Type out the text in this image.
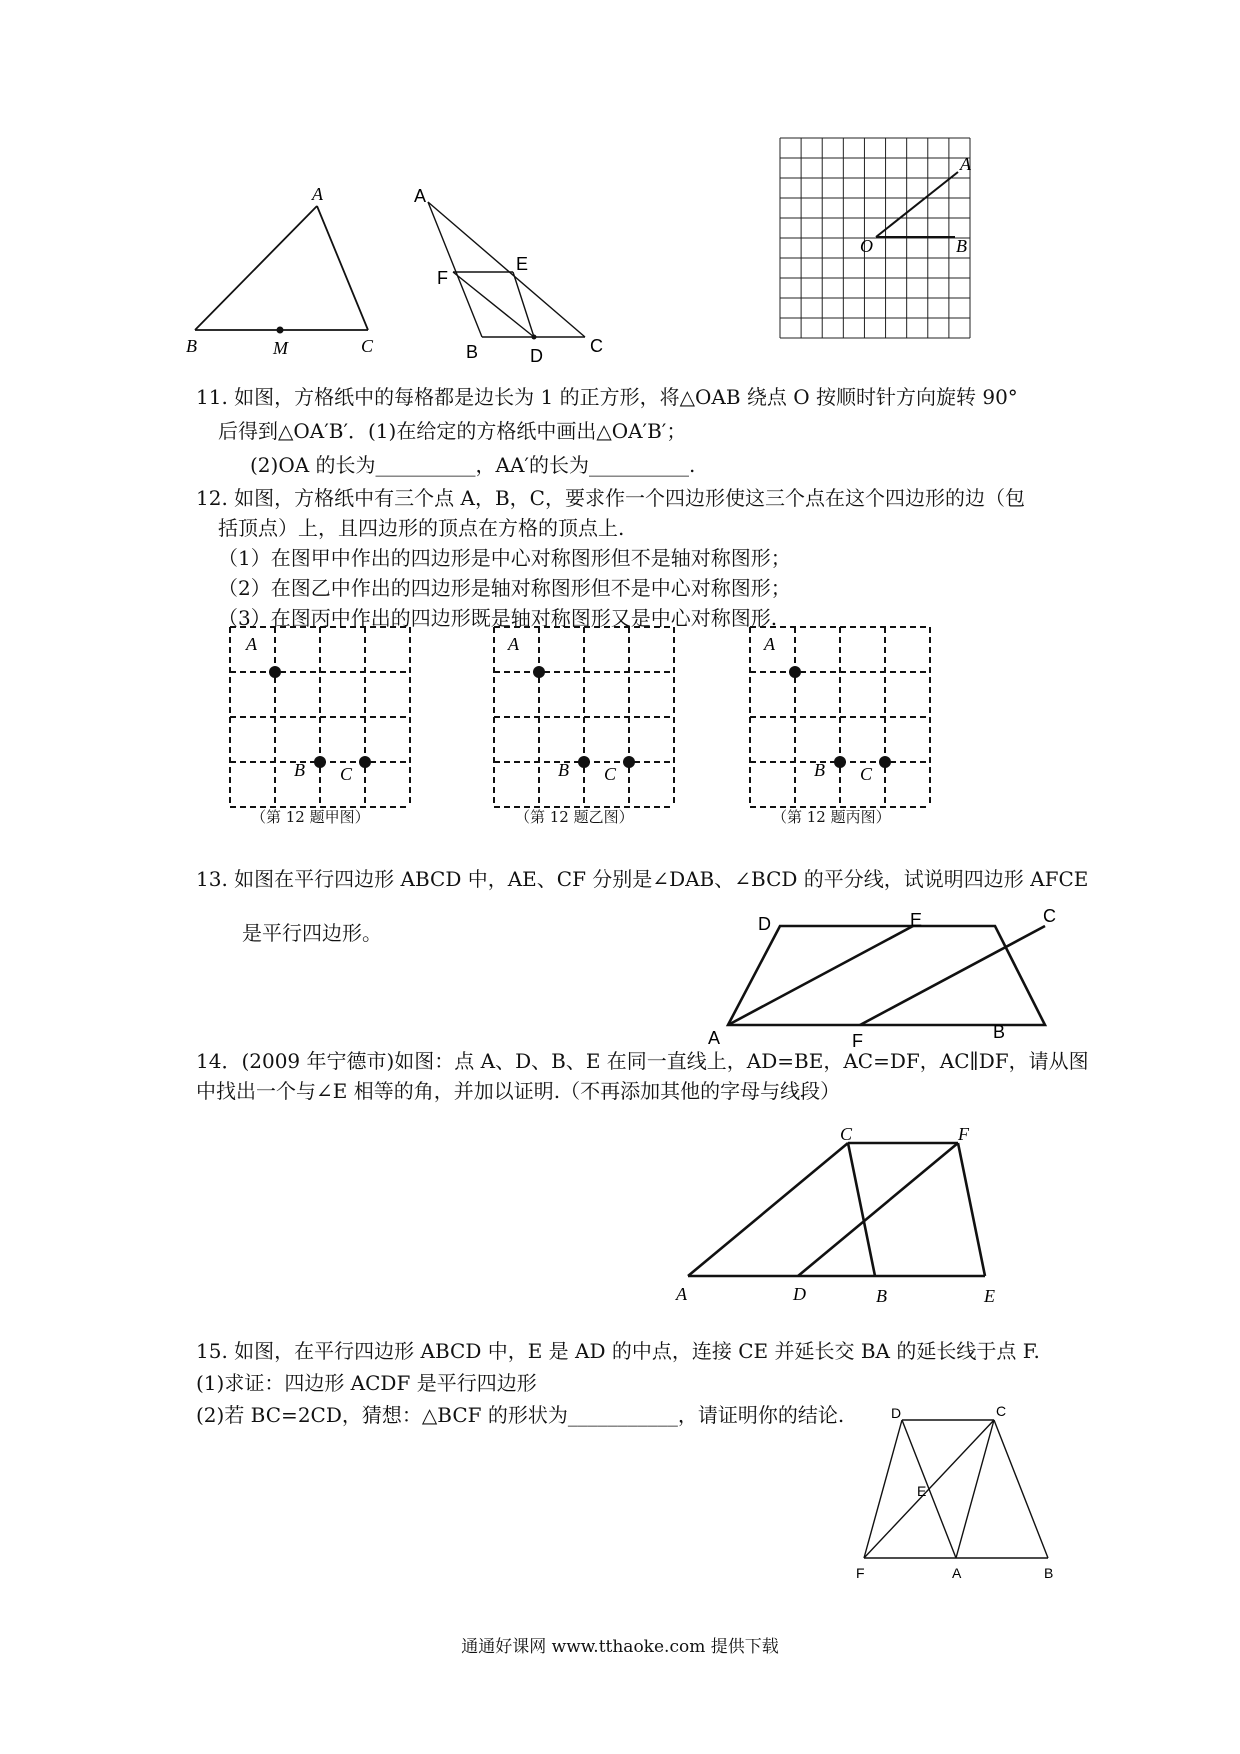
A
B	M	C
A
E
F
B	D	C
A
O	B
11. 如图，方格纸中的每格都是边长为 1 的正方形，将△OAB 绕点 O 按顺时针方向旋转 90°
后得到△OA′B′．(1)在给定的方格纸中画出△OA′B′；
(2)OA 的长为__________，AA′的长为__________.
12. 如图，方格纸中有三个点 A，B，C，要求作一个四边形使这三个点在这个四边形的边（包
括顶点）上，且四边形的顶点在方格的顶点上.
（1）在图甲中作出的四边形是中心对称图形但不是轴对称图形；
（2）在图乙中作出的四边形是轴对称图形但不是中心对称图形；
（3）在图丙中作出的四边形既是轴对称图形又是中心对称图形.
A
B C
A
B C
A
B C
（第 12 题甲图）	（第 12 题乙图）	（第 12 题丙图）
13. 如图在平行四边形 ABCD 中，AE、CF 分别是∠DAB、∠BCD 的平分线，试说明四边形 AFCE
是平行四边形。	D	E	C
A	F	B
14．(2009 年宁德市)如图：点 A、D、B、E 在同一直线上，AD=BE，AC=DF，AC∥DF，请从图
中找出一个与∠E 相等的角，并加以证明.（不再添加其他的字母与线段）
C	F
A	D	B	E
15. 如图，在平行四边形 ABCD 中，E 是 AD 的中点，连接 CE 并延长交 BA 的延长线于点 F.
(1)求证：四边形 ACDF 是平行四边形
(2)若 BC=2CD，猜想：△BCF 的形状为___________，请证明你的结论.	D	C
E
F	A	B
通通好课网 www.tthaoke.com 提供下载
